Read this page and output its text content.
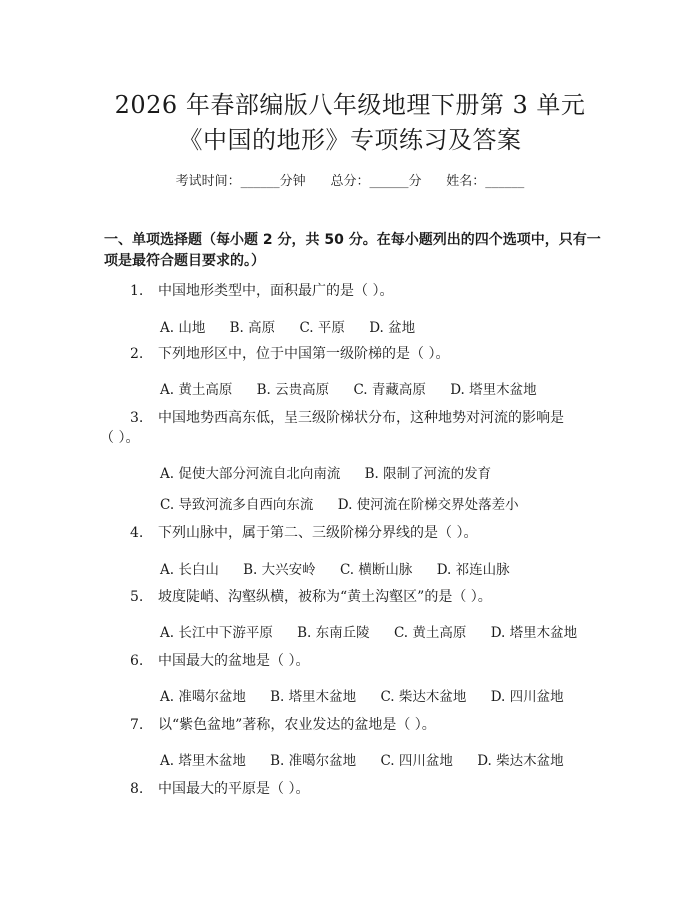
2026 年春部编版八年级地理下册第 3 单元
《中国的地形》专项练习及答案
考试时间：______分钟 总分：______分 姓名：______
一、单项选择题（每小题 2 分，共 50 分。在每小题列出的四个选项中，只有一项是最符合题目要求的。）
1. 中国地形类型中，面积最广的是（ ）。
A. 山地 B. 高原 C. 平原 D. 盆地
2. 下列地形区中，位于中国第一级阶梯的是（ ）。
A. 黄土高原 B. 云贵高原 C. 青藏高原 D. 塔里木盆地
3. 中国地势西高东低，呈三级阶梯状分布，这种地势对河流的影响是
（ ）。
A. 促使大部分河流自北向南流 B. 限制了河流的发育
C. 导致河流多自西向东流 D. 使河流在阶梯交界处落差小
4. 下列山脉中，属于第二、三级阶梯分界线的是（ ）。
A. 长白山 B. 大兴安岭 C. 横断山脉 D. 祁连山脉
5. 坡度陡峭、沟壑纵横，被称为“黄土沟壑区”的是（ ）。
A. 长江中下游平原 B. 东南丘陵 C. 黄土高原 D. 塔里木盆地
6. 中国最大的盆地是（ ）。
A. 准噶尔盆地 B. 塔里木盆地 C. 柴达木盆地 D. 四川盆地
7. 以“紫色盆地”著称，农业发达的盆地是（ ）。
A. 塔里木盆地 B. 准噶尔盆地 C. 四川盆地 D. 柴达木盆地
8. 中国最大的平原是（ ）。
